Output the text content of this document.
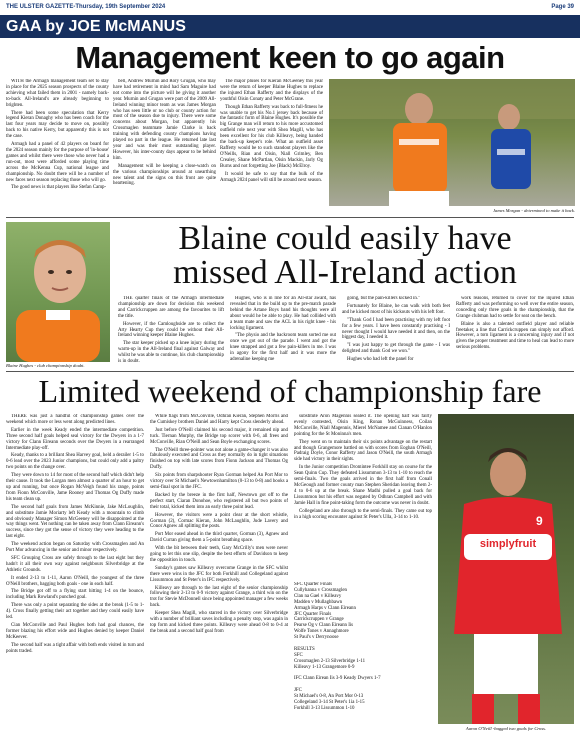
THE ULSTER GAZETTE-Thursday, 19th September 2024	Page 39
GAA by JOE McMANUS
Management keen to go again

WITH the Armagh management team set to stay in place for the 2025 season prospects of the county achieving what failed them in 2001 - namely back-to-back All-Ireland's are already beginning to brighten.

There had been some speculation that Kerry legend Kieran Donaghy who has been coach for the last four years may decide to move on, possibly back to his native Kerry, but apparently this is not the case.

Armagh had a panel of 42 players on board for the 2024 season mainly for the purpose of 'in-house' games and whilst there were those who never had a run-out, most were afforded some playing time across the McKenna Cup, national league and championship. No doubt there will be a number of new faces next season replacing those who will go.

The good news is that players like Stefan Camp-

bell, Andrew Murnin and Rory Grugan, who may have had retirement in mind had Sam Maguire had not come into the picture will be giving it another year. Murnin and Grugan were part of the 2009 All-Ireland winning minor team as was James Morgan who has seen little or no club or county action for most of the season due to injury. There were some concerns about Morgan, but apparently his Crossmaglen teammate Jamie Clarke is back training with defending county champions having played no part in the league. He returned late last year and was their most outstanding player. However, his inter-county days appear to be behind him.

Management will be keeping a close-watch on the various championships around at unearthing new talent and the signs on this front are quite heartening.

The major pluses for Kieran McGeeney this year were the return of keeper Blaine Hughes to replace the injured Ethan Rafferty and the displays of the youthful Oisin Conaty and Peter McGrane.

Though Ethan Rafferty was back to full-fitness he was unable to get his No.1 jersey back because of the fantastic form of Blaine Hughes. It's possible the big Grange man will return to his more accustomed outfield role next year with Shea Magill, who has been excellent for his club Killeavy, being handed the back-up keeper's role. What an outfield asset Rafferty would be to such standout players like the O'Neills, Rian and Oisin, Niall Grimley, Ben Crealey, Shane McPartlan, Oisin Mackin, Jarly Og Burns and not forgetting Joe (Black) McElroy.

It would be safe to say that the bulk of the Armagh 2024 panel will still be around next season.

James Morgan - determined to make it back.
Blaine Hughes - club championship doubt.
Blaine could easily have
missed All-Ireland action

THE quarter finals of the Armagh intermediate championship are down for decision this weekend and Carrickcruppen are among the favourites to lift the title.

However, if the Camloughside are to collect the Arty Hearty Cup they could be without their All-Ireland winning keeper Blaine Hughes.

The star keeper picked up a knee injury during the warm-up in the All-Ireland final against Galway and whilst he was able to continue, his club championship is in doubt.

Hughes, who is in line for an All-star award, has revealed that in the build up to the pre-match parade behind the Artane Boys band his thoughts were all about would he be able to play. He had collided with a team mate and saw the ACL in his right knee - his locking ligament.

"The physio and the backroom team sorted me out once we got out of the parade. I went and got the knee strapped and got a few pain-killers in me. I was in agony for the first half and it was more the adrenaline keeping me

going, but the pain-killers kicked in."

Fortunately for Blaine, he can walk with both feet and he kicked most of his kickouts with his left foot.

"Thank God I had been practising with my left foot for a few years. I have been constantly practising - I never thought I would have needed it and then, on the biggest day, I needed it.

"I was just happy to get through the game - I was delighted and thank God we won."

Hughes who had left the panel for

work reasons, returned to cover for the injured Ethan Rafferty and was performing so well over the entire season, conceding only three goals in the championship, that the Grange clubman had to settle for seat on the bench.

Blaine is also a talented outfield player and reliable freetaker, a line that Carrickcruppen can simply not afford. However, a torn ligament is a concerning injury and if not given the proper treatment and time to heal can lead to more serious problems.

Limited weekend of championship fare

THERE was just a handful of championship games over the weekend which more or less went along predicted lines.

Earlier in the week Keady ended the intermediate competition. Three second half goals helped seal victory for the Dwyers in a 1-7 victory for Clann Eireann seconds over the Dwyers in a rearranged Intermediate play-off.

Keady, thanks to a brilliant Shea Harvey goal, held a derailer 1-5 to 0-6 lead over the 2023 Junior champions, but could only add a paltry two points on the change over.

They were down to 14 for most of the second half which didn't help their cause. It took the Lurgan men almost a quarter of an hour to get up and running, but once Rogan McVeigh found his range, points from Fionn McConville, Jame Rooney and Thomas Og Duffy made his team clean up.

The second half goals from James McKinnie, Jake McLoughlin, and substitute Jamie Moriarty left Keady with a mountain to climb and obviously Manager Simon McGeeney will be disappointed at the way things went. Yet nothing can be taken away from Clann Eireann's success, since they got the sense of victory they were heading to the last eight.

The weekend action began on Saturday with Crossmaglen and An Port Mor advancing in the senior and minor respectively.

SFC Grouping Cross are safely through to the last eight but they hadn't it all their own way against neighbours Silverbridge at the Athletic Grounds.

It ended 2-13 to 1-11, Aaron O'Neill, the youngest of the three O'Neill brothers, bagging both goals - one in each half.

The Bridge got off to a flying start hitting 1-4 on the bounce, including Mark Rowland's punched goal.

There was only a point separating the sides at the break (1-5 to 1-4). Cross finally getting their act together and they could easily have led.

Cian McConville and Paul Hughes both had goal chances, the former blazing his effort wide and Hughes denied by keeper Daniel McKeever.

The second half was a tight affair with both ends visited in turn and points traded.

While flags from McConville, Odhran Kieran, Stephen Morris and the Cumiskey brothers Daniel and Harry kept Cross slenderly ahead.

Just before O'Neill claimed his second major, it remained nip and tuck. Tiernan Murphy, the Bridge top scorer with 0-6, all frees and McConville, Rian O'Neill and Sean Boyle exchanging scores.

The O'Neill three-pointer was not alone a game-changer it was also fabulously executed and Cross as they normally do in tight situations finished on top with late scores from Fionn Jackson and Thomas Og Duffy.

Six points from sharpshooter Ryan Gorman helped An Port Mor to victory over St Michael's Newtownhamilton (0-13 to 0-8) and books a semi-final spot in the JFC.

Backed by the breeze in the first half, Newtown got off to the perfect start, Ciaran Donohoe, who registered all but two points of their total, kicked them into an early three point lead.

However, the visitors were a point clear at the short whistle, Gorman (2), Cormac Kieran, John McLaughlin, Jude Lavery and Conor Agnew all splitting the posts.

Port Mor eased ahead in the third quarter, Gorman (3), Agnew and David Curran giving them a 5-point breathing space.

With the bit between their teeth, Gary McCrilly's men were never going to let this one slip, despite the best efforts of Davidson to keep the opposition in touch.

Sunday's games saw Killeavy overcome Grange in the SFC whilst there were wins in the JFC for both Forkhill and Collegeland against Lissummon and St Peter's in IFC respectively.

Killeavy are through to the last eight of the senior championship following their 2-13 to 0-9 victory against Grange, a third win on the trot for Stevie McDonnell since being appointed manager a few weeks back.

Keeper Shea Magill, who starred in the victory over Silverbridge with a number of brilliant saves including a penalty stop, was again in top form and kicked three points. Killeavy were ahead 0-8 to 0-4 at the break and a second half goal from

substitute Aron Magennis sealed it. The opening half was fairly evenly contested, Oisin King, Ronan McGuinness, Coilan McConville, Niall Magennis, Mierel McNamee and Cianan O'Hanlon pointing for the St Moninna's men.

They went on to maintain their six points advantage on the restart and though Grangemore battled on with scores from Eoghan O'Neill, Padraig Doyle, Conor Rafferty and Jason O'Neill, the south Armagh side had victory in their sights.

In the Junior competition Dromintee Forkhill stay on course for the Sean Quinn Cup. They defeated Lissummon 3-13 to 1-10 to reach the semi-finals. Two the goals arrived in the first half from Conall McGeough and former county man Stephen Sheridan leaving them 2-4 to 0-6 up at the break. Shane Madhi pulled a goal back for Lissummon but his effort was negated by Odhran Campbell and with Jamie Hall in fine point-taking form the outcome was never in doubt.

Collegeland are also through to the semi-finals. They came out top in a high scoring encounter against St Peter's Ulla, 3-14 to 1-10.

SFC Quarter Finals

Cullyhanna v Crossmaglen

Clan na Gael v Killeavy

Madden v Mullaghbawn

Armagh Harps v Clann Eireann

JFC Quarter Finals

Carrickcruppen v Grange

Pearse Og v Clann Eireann Iis

Wolfe Tones v Annaghmore

St Paul's v Derrynoose

RESULTS

SFC

Crossmaglen 2-13 Silverbridge 1-11

Killeavy 1-13 Grangemore 0-9

IFC Clann Eirean Iis 3-9 Keady Dwyers 1-7

JFC

St Michael's 0-8, An Port Mor 0-13

Collegeland 3-14 St Peter's 1ia 1-15

Forkhill 3-13 Lissummon 1-10

simplyfruit
9
Aaron O'Neill -bagged two goals for Cross.
